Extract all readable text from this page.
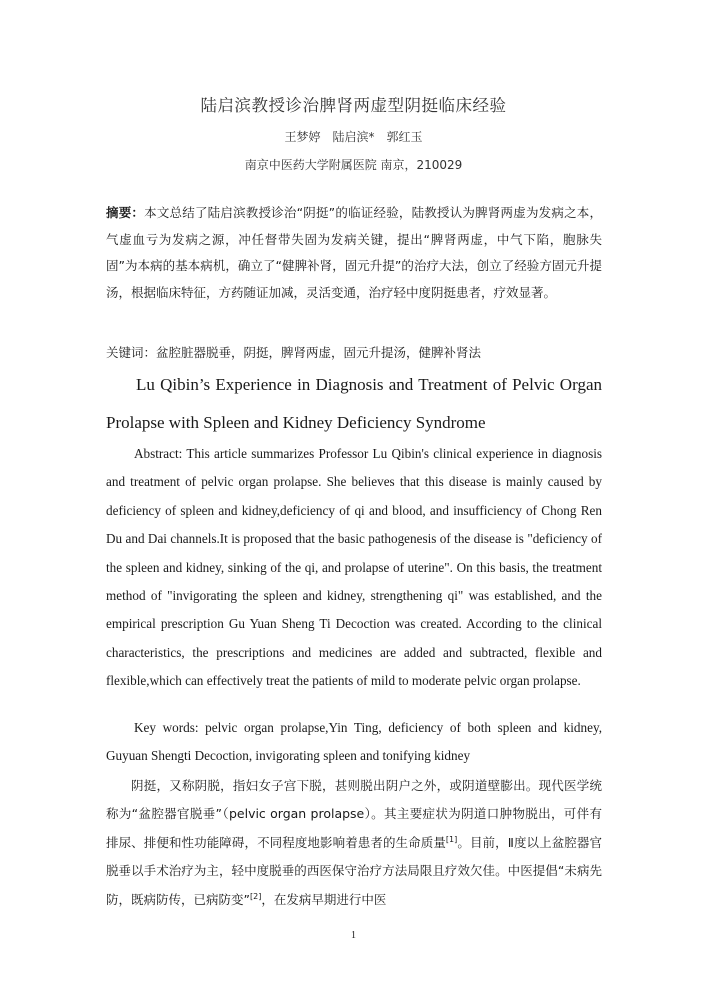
陆启滨教授诊治脾肾两虚型阴挺临床经验
王梦婷　陆启滨*　郭红玉
南京中医药大学附属医院 南京，210029
摘要：本文总结了陆启滨教授诊治“阴挺”的临证经验，陆教授认为脾肾两虚为发病之本，气虚血亏为发病之源，冲任督带失固为发病关键，提出“脾肾两虚，中气下陷，胞脉失固”为本病的基本病机，确立了“健脾补肾，固元升提”的治疗大法，创立了经验方固元升提汤，根据临床特征，方药随证加减，灵活变通，治疗轻中度阴挺患者，疗效显著。
关键词：盆腔脏器脱垂，阴挺，脾肾两虚，固元升提汤，健脾补肾法
Lu Qibin’s Experience in Diagnosis and Treatment of Pelvic Organ
Prolapse with Spleen and Kidney Deficiency Syndrome

Abstract: This article summarizes Professor Lu Qibin's clinical experience in diagnosis and treatment of pelvic organ prolapse. She believes that this disease is mainly caused by deficiency of spleen and kidney,deficiency of qi and blood, and insufficiency of Chong Ren Du and Dai channels.It is proposed that the basic pathogenesis of the disease is "deficiency of the spleen and kidney, sinking of the qi, and prolapse of uterine". On this basis, the treatment method of "invigorating the spleen and kidney, strengthening qi" was established, and the empirical prescription Gu Yuan Sheng Ti Decoction was created. According to the clinical characteristics, the prescriptions and medicines are added and subtracted, flexible and flexible,which can effectively treat the patients of mild to moderate pelvic organ prolapse.

Key words: pelvic organ prolapse,Yin Ting, deficiency of both spleen and kidney, Guyuan Shengti Decoction, invigorating spleen and tonifying kidney

阴挺，又称阴脱，指妇女子宫下脱，甚则脱出阴户之外，或阴道壁膨出。现代医学统称为“盆腔器官脱垂”（pelvic organ prolapse）。其主要症状为阴道口肿物脱出，可伴有排尿、排便和性功能障碍，不同程度地影响着患者的生命质量[1]。目前，Ⅱ度以上盆腔器官脱垂以手术治疗为主，轻中度脱垂的西医保守治疗方法局限且疗效欠佳。中医提倡“未病先防，既病防传，已病防变”[2]，在发病早期进行中医
1
